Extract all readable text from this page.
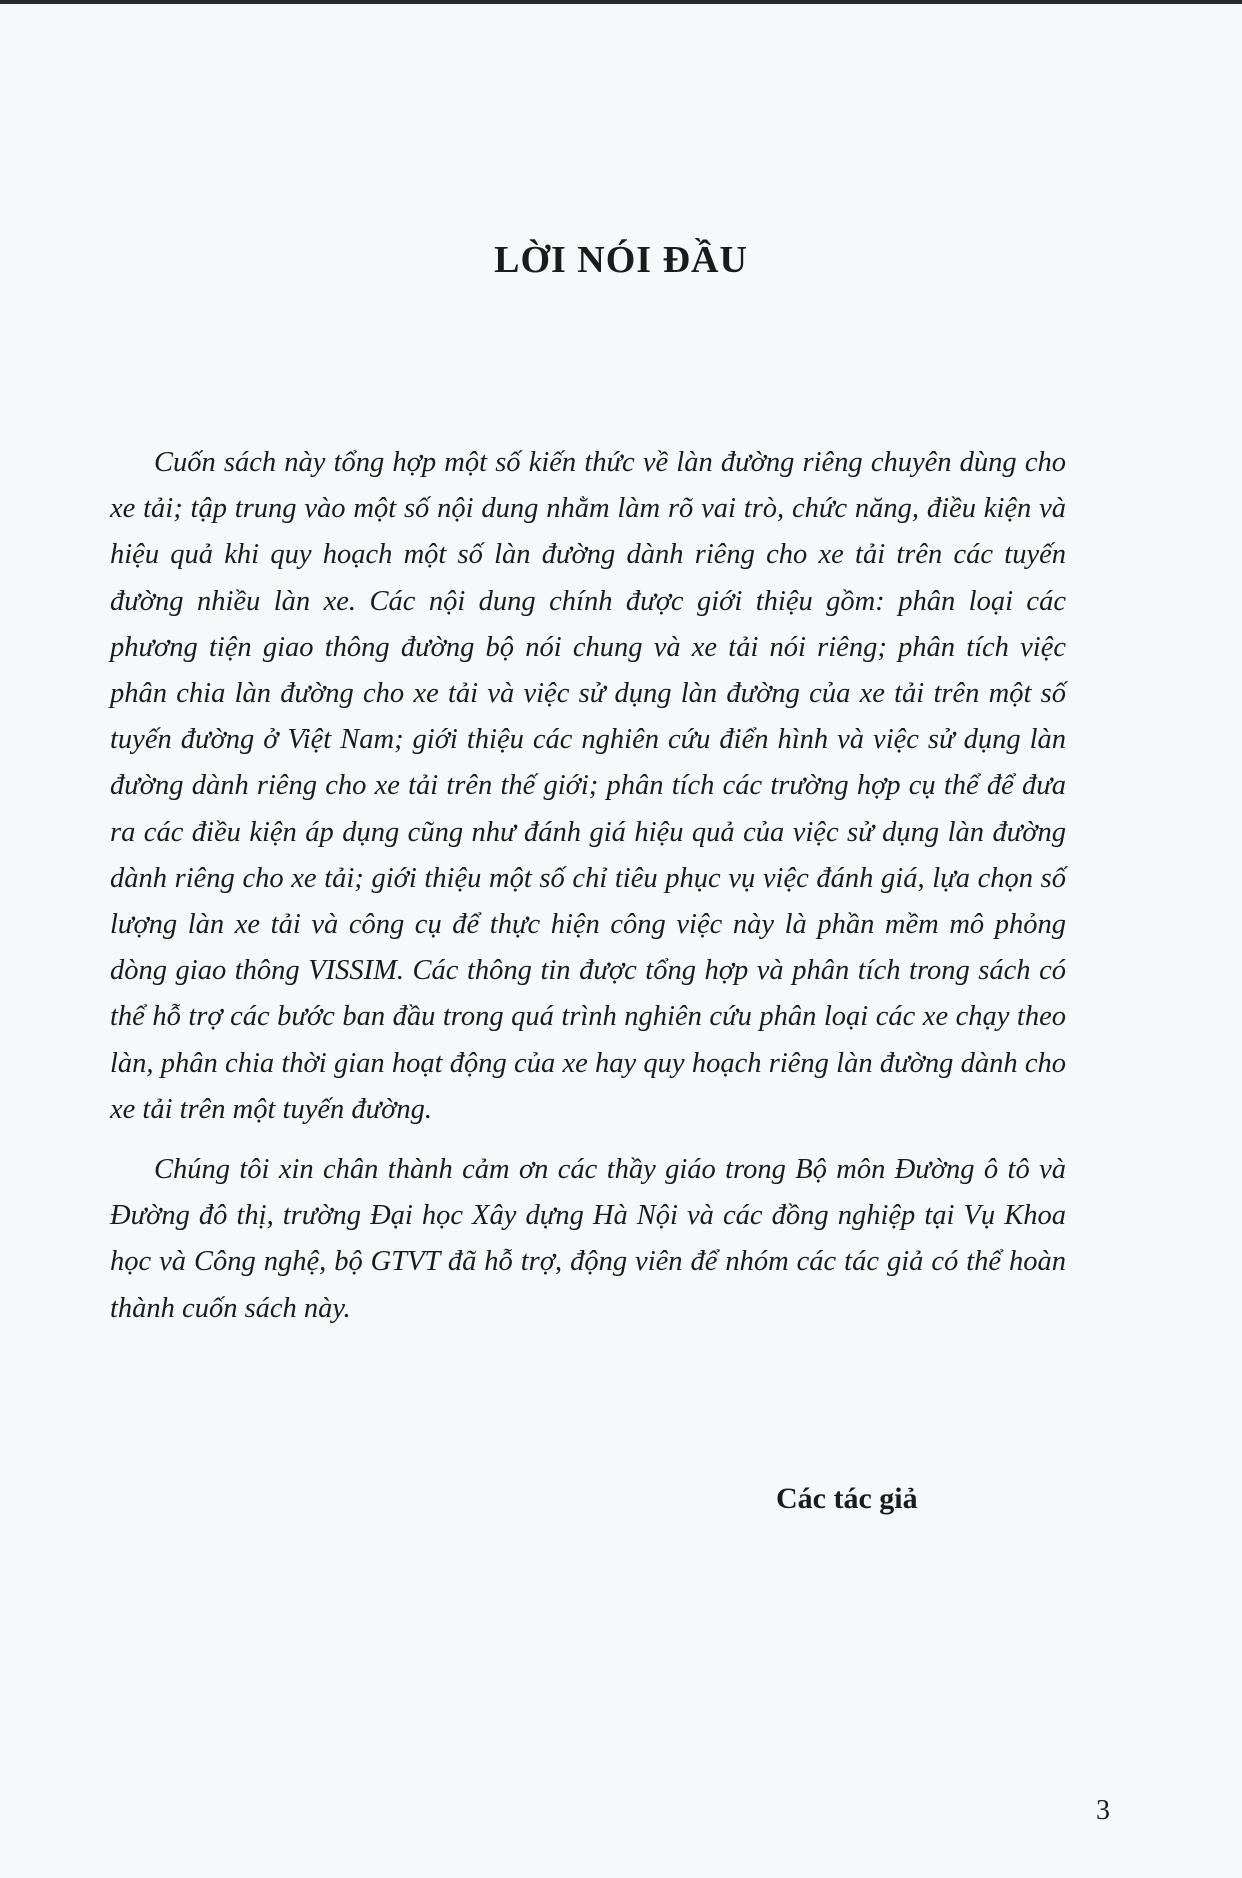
LỜI NÓI ĐẦU

Cuốn sách này tổng hợp một số kiến thức về làn đường riêng chuyên dùng cho xe tải; tập trung vào một số nội dung nhằm làm rõ vai trò, chức năng, điều kiện và hiệu quả khi quy hoạch một số làn đường dành riêng cho xe tải trên các tuyến đường nhiều làn xe. Các nội dung chính được giới thiệu gồm: phân loại các phương tiện giao thông đường bộ nói chung và xe tải nói riêng; phân tích việc phân chia làn đường cho xe tải và việc sử dụng làn đường của xe tải trên một số tuyến đường ở Việt Nam; giới thiệu các nghiên cứu điển hình và việc sử dụng làn đường dành riêng cho xe tải trên thế giới; phân tích các trường hợp cụ thể để đưa ra các điều kiện áp dụng cũng như đánh giá hiệu quả của việc sử dụng làn đường dành riêng cho xe tải; giới thiệu một số chỉ tiêu phục vụ việc đánh giá, lựa chọn số lượng làn xe tải và công cụ để thực hiện công việc này là phần mềm mô phỏng dòng giao thông VISSIM. Các thông tin được tổng hợp và phân tích trong sách có thể hỗ trợ các bước ban đầu trong quá trình nghiên cứu phân loại các xe chạy theo làn, phân chia thời gian hoạt động của xe hay quy hoạch riêng làn đường dành cho xe tải trên một tuyến đường.

Chúng tôi xin chân thành cảm ơn các thầy giáo trong Bộ môn Đường ô tô và Đường đô thị, trường Đại học Xây dựng Hà Nội và các đồng nghiệp tại Vụ Khoa học và Công nghệ, bộ GTVT đã hỗ trợ, động viên để nhóm các tác giả có thể hoàn thành cuốn sách này.

Các tác giả

3
